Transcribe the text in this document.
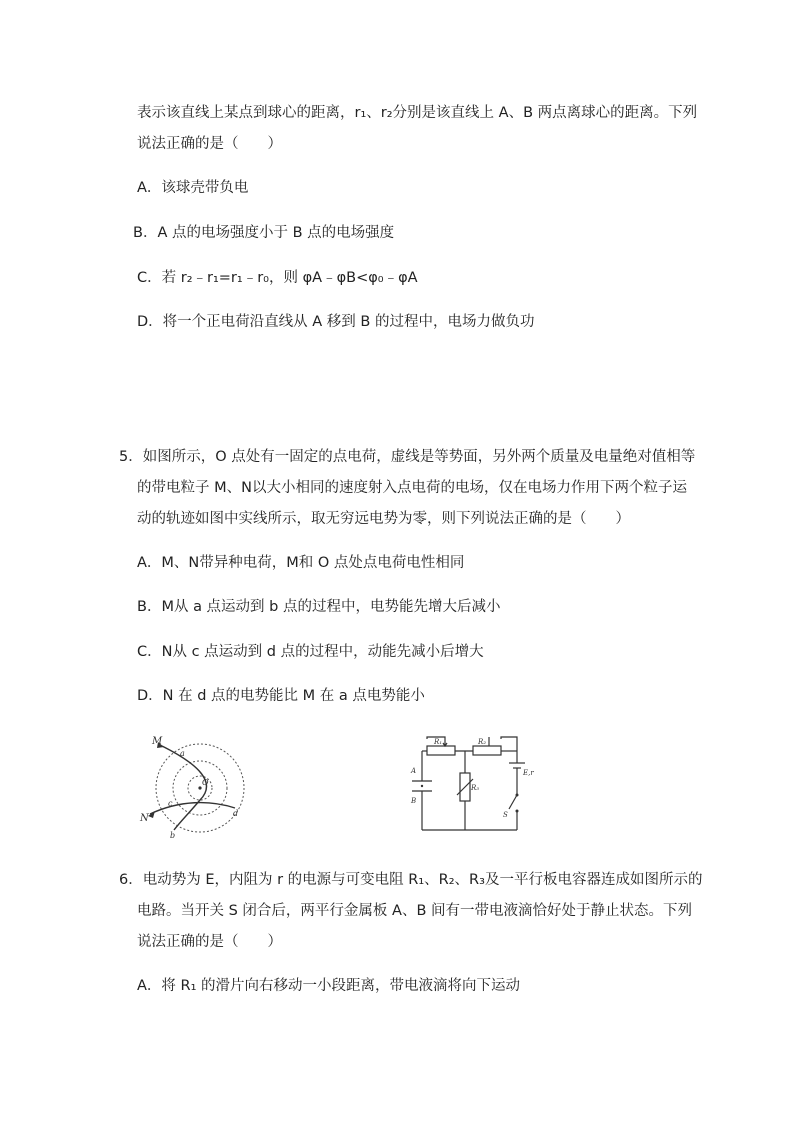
表示该直线上某点到球心的距离，r₁、r₂分别是该直线上 A、B 两点离球心的距离。下列
说法正确的是（　　）
A．该球壳带负电
B．A 点的电场强度小于 B 点的电场强度
C．若 r₂﹣r₁=r₁﹣r₀，则 φA﹣φB<φ₀﹣φA
D．将一个正电荷沿直线从 A 移到 B 的过程中，电场力做负功
5．如图所示，O 点处有一固定的点电荷，虚线是等势面，另外两个质量及电量绝对值相等
的带电粒子 M、N以大小相同的速度射入点电荷的电场，仅在电场力作用下两个粒子运
动的轨迹如图中实线所示，取无穷远电势为零，则下列说法正确的是（　　）
A．M、N带异种电荷，M和 O 点处点电荷电性相同
B．M从 a 点运动到 b 点的过程中，电势能先增大后减小
C．N从 c 点运动到 d 点的过程中，动能先减小后增大
D．N 在 d 点的电势能比 M 在 a 点电势能小
M
N
O
a
b
c
d
R₁	R₂
R₃
A
B
E,r
S
6．电动势为 E，内阻为 r 的电源与可变电阻 R₁、R₂、R₃及一平行板电容器连成如图所示的
电路。当开关 S 闭合后，两平行金属板 A、B 间有一带电液滴恰好处于静止状态。下列
说法正确的是（　　）
A．将 R₁ 的滑片向右移动一小段距离，带电液滴将向下运动
